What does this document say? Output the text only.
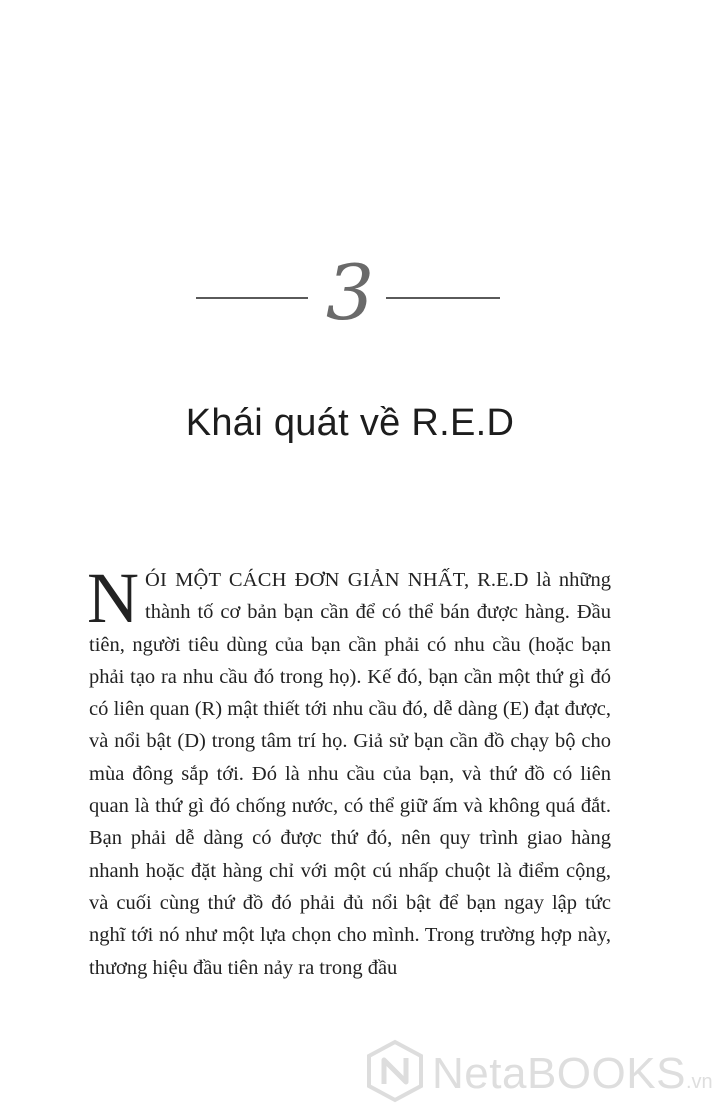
3
Khái quát về R.E.D

NÓI MỘT CÁCH ĐƠN GIẢN NHẤT, R.E.D là những thành tố cơ bản bạn cần để có thể bán được hàng. Đầu tiên, người tiêu dùng của bạn cần phải có nhu cầu (hoặc bạn phải tạo ra nhu cầu đó trong họ). Kế đó, bạn cần một thứ gì đó có liên quan (R) mật thiết tới nhu cầu đó, dễ dàng (E) đạt được, và nổi bật (D) trong tâm trí họ. Giả sử bạn cần đồ chạy bộ cho mùa đông sắp tới. Đó là nhu cầu của bạn, và thứ đồ có liên quan là thứ gì đó chống nước, có thể giữ ấm và không quá đắt. Bạn phải dễ dàng có được thứ đó, nên quy trình giao hàng nhanh hoặc đặt hàng chỉ với một cú nhấp chuột là điểm cộng, và cuối cùng thứ đồ đó phải đủ nổi bật để bạn ngay lập tức nghĩ tới nó như một lựa chọn cho mình. Trong trường hợp này, thương hiệu đầu tiên nảy ra trong đầu

NetaBOOKS.vn
